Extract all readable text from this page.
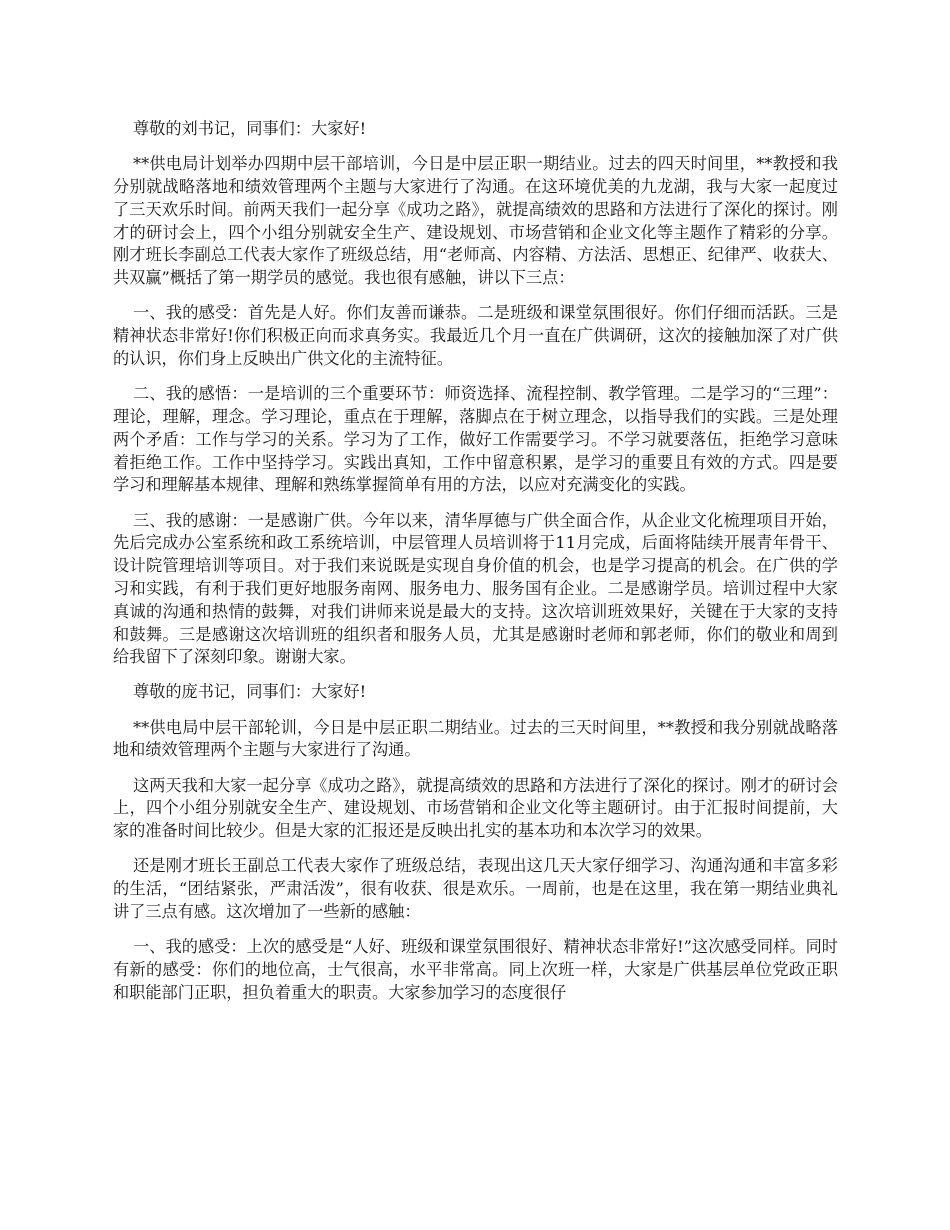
尊敬的刘书记，同事们：大家好!

**供电局计划举办四期中层干部培训，今日是中层正职一期结业。过去的四天时间里，**教授和我分别就战略落地和绩效管理两个主题与大家进行了沟通。在这环境优美的九龙湖，我与大家一起度过了三天欢乐时间。前两天我们一起分享《成功之路》，就提高绩效的思路和方法进行了深化的探讨。刚才的研讨会上，四个小组分别就安全生产、建设规划、市场营销和企业文化等主题作了精彩的分享。刚才班长李副总工代表大家作了班级总结，用“老师高、内容精、方法活、思想正、纪律严、收获大、共双赢”概括了第一期学员的感觉。我也很有感触，讲以下三点：

一、我的感受：首先是人好。你们友善而谦恭。二是班级和课堂氛围很好。你们仔细而活跃。三是精神状态非常好!你们积极正向而求真务实。我最近几个月一直在广供调研，这次的接触加深了对广供的认识，你们身上反映出广供文化的主流特征。

二、我的感悟：一是培训的三个重要环节：师资选择、流程控制、教学管理。二是学习的“三理”：理论，理解，理念。学习理论，重点在于理解，落脚点在于树立理念，以指导我们的实践。三是处理两个矛盾：工作与学习的关系。学习为了工作，做好工作需要学习。不学习就要落伍，拒绝学习意味着拒绝工作。工作中坚持学习。实践出真知，工作中留意积累，是学习的重要且有效的方式。四是要学习和理解基本规律、理解和熟练掌握简单有用的方法，以应对充满变化的实践。

三、我的感谢：一是感谢广供。今年以来，清华厚德与广供全面合作，从企业文化梳理项目开始，先后完成办公室系统和政工系统培训，中层管理人员培训将于11月完成，后面将陆续开展青年骨干、设计院管理培训等项目。对于我们来说既是实现自身价值的机会，也是学习提高的机会。在广供的学习和实践，有利于我们更好地服务南网、服务电力、服务国有企业。二是感谢学员。培训过程中大家真诚的沟通和热情的鼓舞，对我们讲师来说是最大的支持。这次培训班效果好，关键在于大家的支持和鼓舞。三是感谢这次培训班的组织者和服务人员，尤其是感谢时老师和郭老师，你们的敬业和周到给我留下了深刻印象。谢谢大家。

尊敬的庞书记，同事们：大家好!

**供电局中层干部轮训，今日是中层正职二期结业。过去的三天时间里，**教授和我分别就战略落地和绩效管理两个主题与大家进行了沟通。

这两天我和大家一起分享《成功之路》，就提高绩效的思路和方法进行了深化的探讨。刚才的研讨会上，四个小组分别就安全生产、建设规划、市场营销和企业文化等主题研讨。由于汇报时间提前，大家的准备时间比较少。但是大家的汇报还是反映出扎实的基本功和本次学习的效果。

还是刚才班长王副总工代表大家作了班级总结，表现出这几天大家仔细学习、沟通沟通和丰富多彩的生活，“团结紧张，严肃活泼”，很有收获、很是欢乐。一周前，也是在这里，我在第一期结业典礼讲了三点有感。这次增加了一些新的感触：

一、我的感受：上次的感受是“人好、班级和课堂氛围很好、精神状态非常好!”这次感受同样。同时有新的感受：你们的地位高，士气很高，水平非常高。同上次班一样，大家是广供基层单位党政正职和职能部门正职，担负着重大的职责。大家参加学习的态度很仔
